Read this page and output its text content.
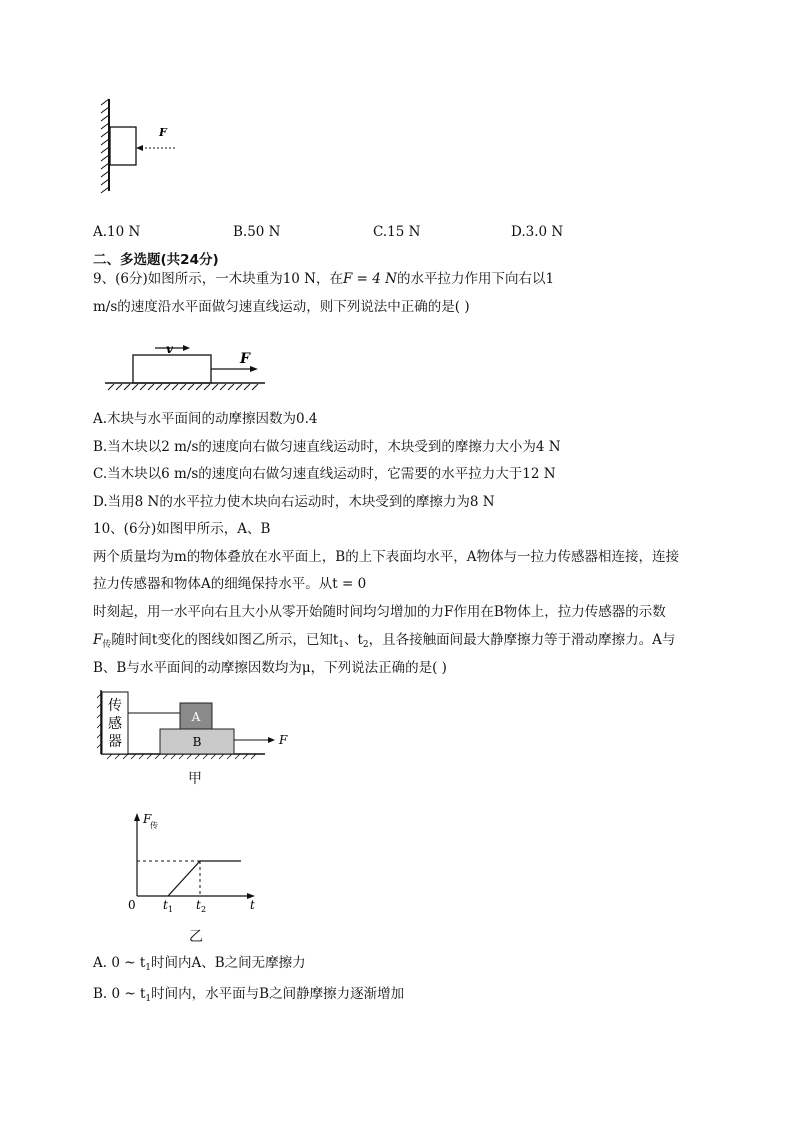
F
A.10 N	B.50 N	C.15 N	D.3.0 N
二、多选题(共24分)
9、(6分)如图所示，一木块重为10 N，在F = 4 N的水平拉力作用下向右以1
m/s的速度沿水平面做匀速直线运动，则下列说法中正确的是( )
v
F
A.木块与水平面间的动摩擦因数为0.4
B.当木块以2 m/s的速度向右做匀速直线运动时，木块受到的摩擦力大小为4 N
C.当木块以6 m/s的速度向右做匀速直线运动时，它需要的水平拉力大于12 N
D.当用8 N的水平拉力使木块向右运动时，木块受到的摩擦力为8 N
10、(6分)如图甲所示，A、B
两个质量均为m的物体叠放在水平面上，B的上下表面均水平，A物体与一拉力传感器相连接，连接
拉力传感器和物体A的细绳保持水平。从t = 0
时刻起，用一水平向右且大小从零开始随时间均匀增加的力F作用在B物体上，拉力传感器的示数
$F_传$随时间t变化的图线如图乙所示，已知$t_1$、$t_2$，且各接触面间最大静摩擦力等于滑动摩擦力。A与
B、B与水平面间的动摩擦因数均为μ，下列说法正确的是( )
传
感
器
A
B	F
甲
F
传
0 t 1 t 2	t
乙
A. 0 ~ $t_1$时间内A、B之间无摩擦力
B. 0 ~ $t_1$时间内，水平面与B之间静摩擦力逐渐增加
